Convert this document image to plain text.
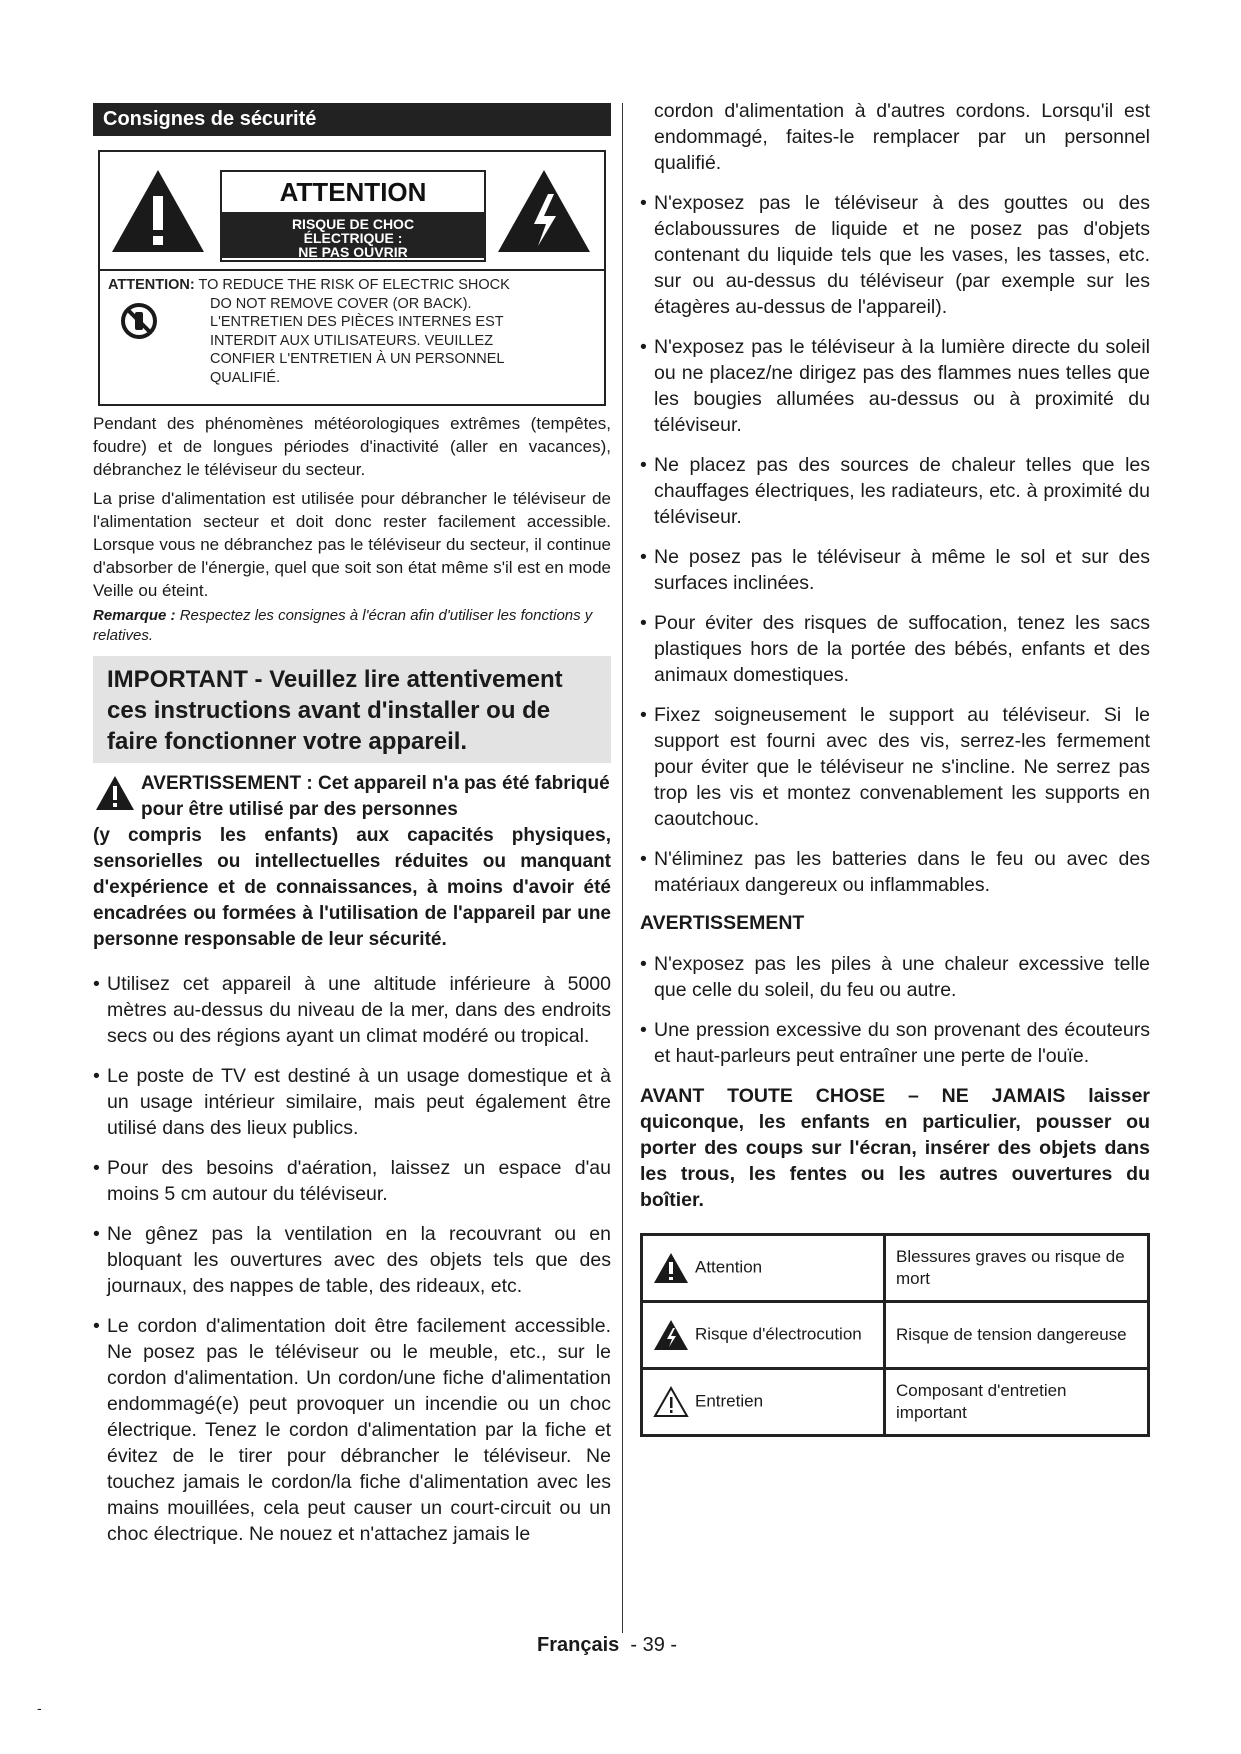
Consignes de sécurité
ATTENTION
RISQUE DE CHOC
ÉLECTRIQUE :
NE PAS OUVRIR
ATTENTION: TO REDUCE THE RISK OF ELECTRIC SHOCK
DO NOT REMOVE COVER (OR BACK).
L'ENTRETIEN DES PIÈCES INTERNES EST
INTERDIT AUX UTILISATEURS. VEUILLEZ
CONFIER L'ENTRETIEN À UN PERSONNEL
QUALIFIÉ.

Pendant des phénomènes météorologiques extrêmes (tempêtes, foudre) et de longues périodes d'inactivité (aller en vacances), débranchez le téléviseur du secteur.

La prise d'alimentation est utilisée pour débrancher le téléviseur de l'alimentation secteur et doit donc rester facilement accessible. Lorsque vous ne débranchez pas le téléviseur du secteur, il continue d'absorber de l'énergie, quel que soit son état même s'il est en mode Veille ou éteint.

Remarque : Respectez les consignes à l'écran afin d'utiliser les fonctions y relatives.
IMPORTANT - Veuillez lire attentivement ces instructions avant d'installer ou de faire fonctionner votre appareil.
AVERTISSEMENT : Cet appareil n'a pas été fabriqué pour être utilisé par des personnes
(y compris les enfants) aux capacités physiques, sensorielles ou intellectuelles réduites ou manquant d'expérience et de connaissances, à moins d'avoir été encadrées ou formées à l'utilisation de l'appareil par une personne responsable de leur sécurité.
• Utilisez cet appareil à une altitude inférieure à 5000 mètres au-dessus du niveau de la mer, dans des endroits secs ou des régions ayant un climat modéré ou tropical.
• Le poste de TV est destiné à un usage domestique et à un usage intérieur similaire, mais peut également être utilisé dans des lieux publics.
• Pour des besoins d'aération, laissez un espace d'au moins 5 cm autour du téléviseur.
• Ne gênez pas la ventilation en la recouvrant ou en bloquant les ouvertures avec des objets tels que des journaux, des nappes de table, des rideaux, etc.
• Le cordon d'alimentation doit être facilement accessible. Ne posez pas le téléviseur ou le meuble, etc., sur le cordon d'alimentation. Un cordon/une fiche d'alimentation endommagé(e) peut provoquer un incendie ou un choc électrique. Tenez le cordon d'alimentation par la fiche et évitez de le tirer pour débrancher le téléviseur. Ne touchez jamais le cordon/la fiche d'alimentation avec les mains mouillées, cela peut causer un court-circuit ou un choc électrique. Ne nouez et n'attachez jamais le
cordon d'alimentation à d'autres cordons. Lorsqu'il est endommagé, faites-le remplacer par un personnel qualifié.
• N'exposez pas le téléviseur à des gouttes ou des éclaboussures de liquide et ne posez pas d'objets contenant du liquide tels que les vases, les tasses, etc. sur ou au-dessus du téléviseur (par exemple sur les étagères au-dessus de l'appareil).
• N'exposez pas le téléviseur à la lumière directe du soleil ou ne placez/ne dirigez pas des flammes nues telles que les bougies allumées au-dessus ou à proximité du téléviseur.
• Ne placez pas des sources de chaleur telles que les chauffages électriques, les radiateurs, etc. à proximité du téléviseur.
• Ne posez pas le téléviseur à même le sol et sur des surfaces inclinées.
• Pour éviter des risques de suffocation, tenez les sacs plastiques hors de la portée des bébés, enfants et des animaux domestiques.
• Fixez soigneusement le support au téléviseur. Si le support est fourni avec des vis, serrez-les fermement pour éviter que le téléviseur ne s'incline. Ne serrez pas trop les vis et montez convenablement les supports en caoutchouc.
• N'éliminez pas les batteries dans le feu ou avec des matériaux dangereux ou inflammables.
AVERTISSEMENT
• N'exposez pas les piles à une chaleur excessive telle que celle du soleil, du feu ou autre.
• Une pression excessive du son provenant des écouteurs et haut-parleurs peut entraîner une perte de l'ouïe.
AVANT TOUTE CHOSE – NE JAMAIS laisser quiconque, les enfants en particulier, pousser ou porter des coups sur l'écran, insérer des objets dans les trous, les fentes ou les autres ouvertures du boîtier.
Attention	Blessures graves ou risque de mort
Risque d'électrocution	Risque de tension dangereuse
Entretien	Composant d'entretien important
Français - 39 -
-
